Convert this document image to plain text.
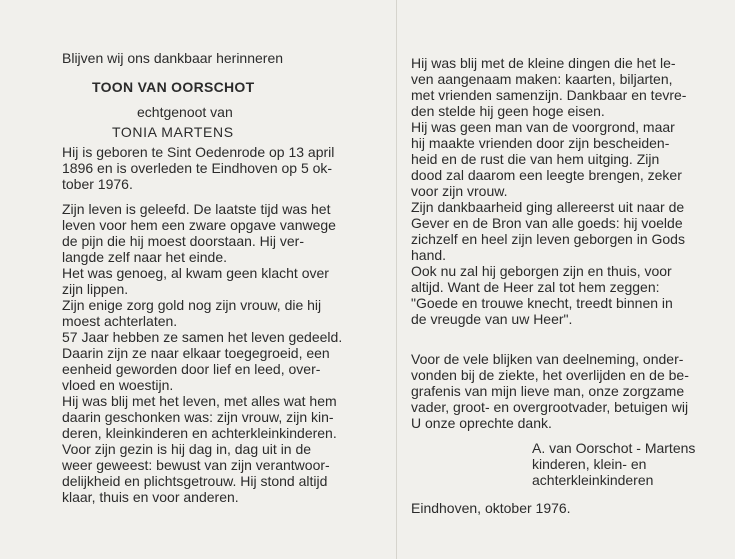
Blijven wij ons dankbaar herinneren
TOON VAN OORSCHOT
echtgenoot van
TONIA MARTENS
Hij is geboren te Sint Oedenrode op 13 april
1896 en is overleden te Eindhoven op 5 ok-
tober 1976.
Zijn leven is geleefd. De laatste tijd was het
leven voor hem een zware opgave vanwege
de pijn die hij moest doorstaan. Hij ver-
langde zelf naar het einde.
Het was genoeg, al kwam geen klacht over
zijn lippen.
Zijn enige zorg gold nog zijn vrouw, die hij
moest achterlaten.
57 Jaar hebben ze samen het leven gedeeld.
Daarin zijn ze naar elkaar toegegroeid, een
eenheid geworden door lief en leed, over-
vloed en woestijn.
Hij was blij met het leven, met alles wat hem
daarin geschonken was: zijn vrouw, zijn kin-
deren, kleinkinderen en achterkleinkinderen.
Voor zijn gezin is hij dag in, dag uit in de
weer geweest: bewust van zijn verantwoor-
delijkheid en plichtsgetrouw. Hij stond altijd
klaar, thuis en voor anderen.
Hij was blij met de kleine dingen die het le-
ven aangenaam maken: kaarten, biljarten,
met vrienden samenzijn. Dankbaar en tevre-
den stelde hij geen hoge eisen.
Hij was geen man van de voorgrond, maar
hij maakte vrienden door zijn bescheiden-
heid en de rust die van hem uitging. Zijn
dood zal daarom een leegte brengen, zeker
voor zijn vrouw.
Zijn dankbaarheid ging allereerst uit naar de
Gever en de Bron van alle goeds: hij voelde
zichzelf en heel zijn leven geborgen in Gods
hand.
Ook nu zal hij geborgen zijn en thuis, voor
altijd. Want de Heer zal tot hem zeggen:
"Goede en trouwe knecht, treedt binnen in
de vreugde van uw Heer".
Voor de vele blijken van deelneming, onder-
vonden bij de ziekte, het overlijden en de be-
grafenis van mijn lieve man, onze zorgzame
vader, groot- en overgrootvader, betuigen wij
U onze oprechte dank.
A. van Oorschot - Martens
kinderen, klein- en
achterkleinkinderen
Eindhoven, oktober 1976.
